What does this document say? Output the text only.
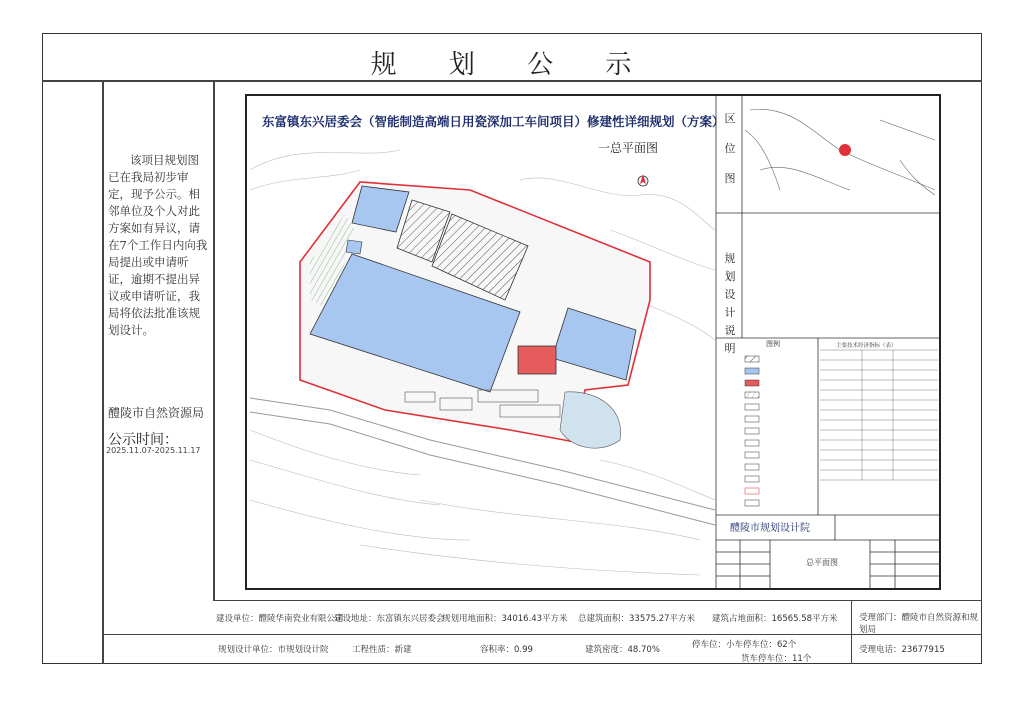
规 划 公 示
该项目规划图已在我局初步审定，现予公示。相邻单位及个人对此方案如有异议，请在7个工作日内向我局提出或申请听证，逾期不提出异议或申请听证，我局将依法批准该规划设计。
醴陵市自然资源局
公示时间：
2025.11.07-2025.11.17
东富镇东兴居委会（智能制造高端日用瓷深加工车间项目）修建性详细规划（方案）
一总平面图
区位图
规划设计说明	图例	主要技术经济指标（表）
醴陵市规划设计院
总平面图
建设单位：醴陵华南瓷业有限公司
建设地址：东富镇东兴居委会
规划用地面积：34016.43平方米 总建筑面积：33575.27平方米 建筑占地面积：16565.58平方米	受理部门：醴陵市自然资源和规划局
受理电话：23677915
规划设计单位：市规划设计院	工程性质：新建	容积率：0.99	建筑密度：48.70%	停车位：小车停车位：62个
货车停车位：11个
